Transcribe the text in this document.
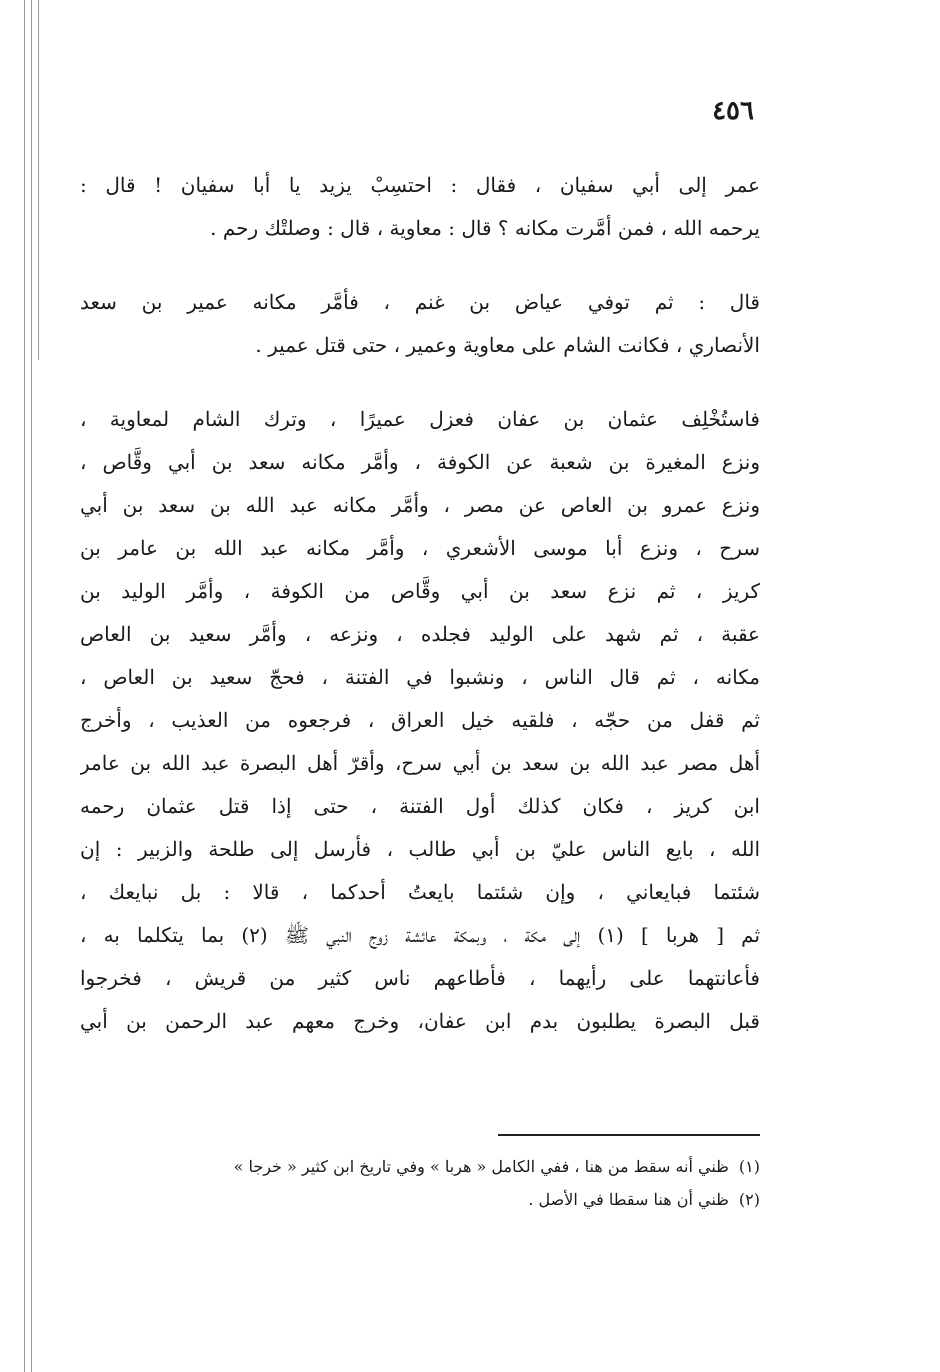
٤٥٦
عمر إلى أبي سفيان ، فقال : احتسِبْ يزيد يا أبا سفيان ! قال :
يرحمه الله ، فمن أمَّرت مكانه ؟ قال : معاوية ، قال : وصلتْك رحم .
قال : ثم توفي عياض بن غنم ، فأمَّر مكانه عمير بن سعد
الأنصاري ، فكانت الشام على معاوية وعمير ، حتى قتل عمير .
فاستُخْلِف عثمان بن عفان فعزل عميرًا ، وترك الشام لمعاوية ،
ونزع المغيرة بن شعبة عن الكوفة ، وأمَّر مكانه سعد بن أبي وقَّاص ،
ونزع عمرو بن العاص عن مصر ، وأمَّر مكانه عبد الله بن سعد بن أبي
سرح ، ونزع أبا موسى الأشعري ، وأمَّر مكانه عبد الله بن عامر بن
كريز ، ثم نزع سعد بن أبي وقَّاص من الكوفة ، وأمَّر الوليد بن
عقبة ، ثم شهد على الوليد فجلده ، ونزعه ، وأمَّر سعيد بن العاص
مكانه ، ثم قال الناس ، ونشبوا في الفتنة ، فحجّ سعيد بن العاص ،
ثم قفل من حجّه ، فلقيه خيل العراق ، فرجعوه من العذيب ، وأخرج
أهل مصر عبد الله بن سعد بن أبي سرح، وأقرّ أهل البصرة عبد الله بن عامر
ابن كريز ، فكان كذلك أول الفتنة ، حتى إذا قتل عثمان رحمه
الله ، بايع الناس عليّ بن أبي طالب ، فأرسل إلى طلحة والزبير : إن
شئتما فبايعاني ، وإن شئتما بايعتُ أحدكما ، قالا : بل نبايعك ،
ثم [ هربا ] (١) إلى مكة ، وبمكة عائشة زوج النبي ﷺ (٢) بما يتكلما به ،
فأعانتهما على رأيهما ، فأطاعهم ناس كثير من قريش ، فخرجوا
قبل البصرة يطلبون بدم ابن عفان، وخرج معهم عبد الرحمن بن أبي
(١)ظني أنه سقط من هنا ، ففي الكامل « هربا » وفي تاريخ ابن كثير « خرجا »
(٢)ظني أن هنا سقطا في الأصل .
